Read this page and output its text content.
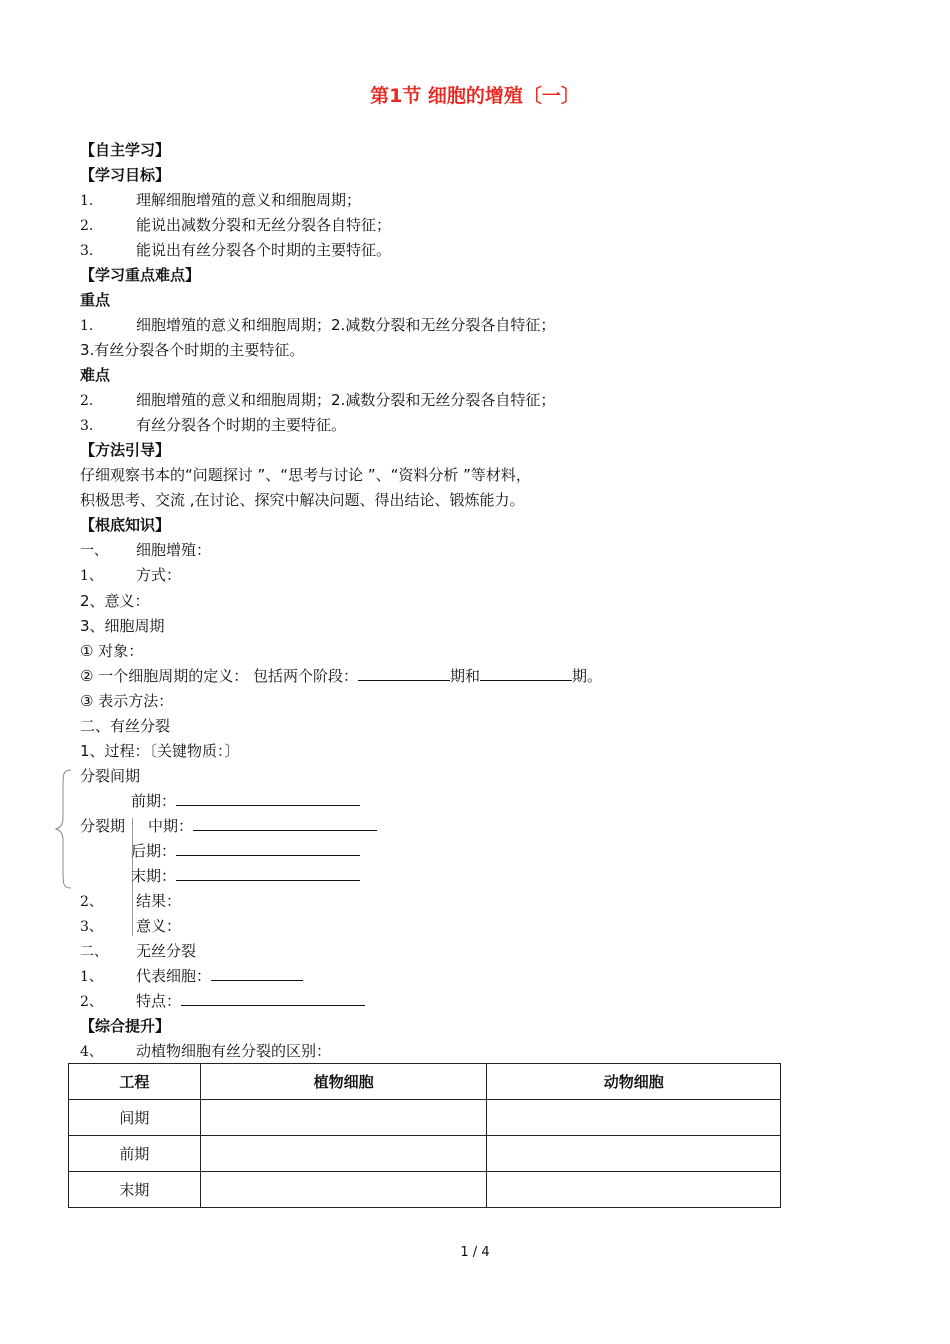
第1节 细胞的增殖〔一〕
【自主学习】
【学习目标】
1.	理解细胞增殖的意义和细胞周期；
2.	能说出减数分裂和无丝分裂各自特征；
3.	能说出有丝分裂各个时期的主要特征。
【学习重点难点】
重点
1.	细胞增殖的意义和细胞周期；2.减数分裂和无丝分裂各自特征；
3.有丝分裂各个时期的主要特征。
难点
2.	细胞增殖的意义和细胞周期；2.减数分裂和无丝分裂各自特征；
3.	有丝分裂各个时期的主要特征。
【方法引导】
仔细观察书本的“问题探讨 ”、“思考与讨论 ”、“资料分析 ”等材料，
积极思考、交流 ,在讨论、探究中解决问题、得出结论、锻炼能力。
【根底知识】
一、 细胞增殖：
1、 方式：
2、意义：
3、细胞周期
① 对象：
② 一个细胞周期的定义： 包括两个阶段：	期和	期。
③ 表示方法：
二、有丝分裂
1、过程：〔关键物质：〕
分裂间期
前期：
分裂期 中期：
后期：
末期：
2、 结果：
3、 意义：
二、 无丝分裂
1、 代表细胞：
2、 特点：
【综合提升】
4、 动植物细胞有丝分裂的区别：
工程	植物细胞	动物细胞
间期		
前期		
末期		
1 / 4
